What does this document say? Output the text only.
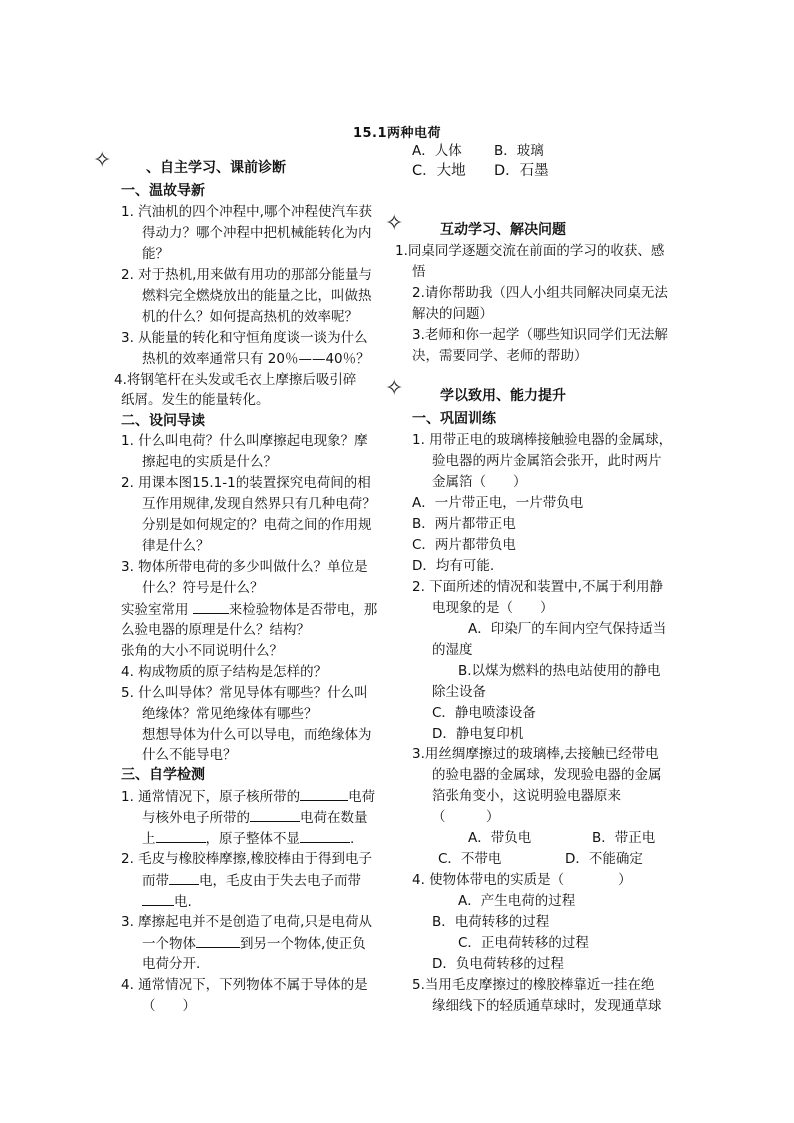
15.1两种电荷
✧ 、自主学习、课前诊断
一、温故导新
1. 汽油机的四个冲程中,哪个冲程使汽车获
得动力？哪个冲程中把机械能转化为内
能？
2. 对于热机,用来做有用功的那部分能量与
燃料完全燃烧放出的能量之比，叫做热
机的什么？如何提高热机的效率呢？
3. 从能量的转化和守恒角度谈一谈为什么
热机的效率通常只有 20％——40％？
4.将钢笔杆在头发或毛衣上摩擦后吸引碎
纸屑。发生的能量转化。
二、设问导读
1. 什么叫电荷？什么叫摩擦起电现象？摩
擦起电的实质是什么？
2. 用课本图15.1-1的装置探究电荷间的相
互作用规律,发现自然界只有几种电荷？
分别是如何规定的？电荷之间的作用规
律是什么？
3. 物体所带电荷的多少叫做什么？单位是
什么？符号是什么？
实验室常用	来检验物体是否带电，那
么验电器的原理是什么？结构？
张角的大小不同说明什么？
4. 构成物质的原子结构是怎样的？
5. 什么叫导体？常见导体有哪些？什么叫
绝缘体？常见绝缘体有哪些？
想想导体为什么可以导电，而绝缘体为
什么不能导电？
三、自学检测
1. 通常情况下，原子核所带的	电荷
与核外电子所带的	电荷在数量
上	，原子整体不显	.
2. 毛皮与橡胶棒摩擦,橡胶棒由于得到电子
而带 电，毛皮由于失去电子而带
电.
3. 摩擦起电并不是创造了电荷,只是电荷从
一个物体	到另一个物体,使正负
电荷分开.
4. 通常情况下，下列物体不属于导体的是
（　　）
A．人体 B．玻璃
C．大地 D．石墨
✧	互动学习、解决问题
1.同桌同学逐题交流在前面的学习的收获、感
悟
2.请你帮助我（四人小组共同解决同桌无法
解决的问题）
3.老师和你一起学（哪些知识同学们无法解
决，需要同学、老师的帮助）
✧	学以致用、能力提升
一、巩固训练
1. 用带正电的玻璃棒接触验电器的金属球，
验电器的两片金属箔会张开，此时两片
金属箔（　　）
A．一片带正电，一片带负电
B．两片都带正电
C．两片都带负电
D．均有可能.
2. 下面所述的情况和装置中,不属于利用静
电现象的是（　　）
A．印染厂的车间内空气保持适当
的湿度
B.以煤为燃料的热电站使用的静电
除尘设备
C．静电喷漆设备
D．静电复印机
3.用丝绸摩擦过的玻璃棒,去接触已经带电
的验电器的金属球，发现验电器的金属
箔张角变小，这说明验电器原来
（　　　）
A．带负电	B．带正电
C．不带电	D．不能确定
4. 使物体带电的实质是（　　　　）
A．产生电荷的过程
B．电荷转移的过程
C．正电荷转移的过程
D．负电荷转移的过程
5.当用毛皮摩擦过的橡胶棒靠近一挂在绝
缘细线下的轻质通草球时，发现通草球
